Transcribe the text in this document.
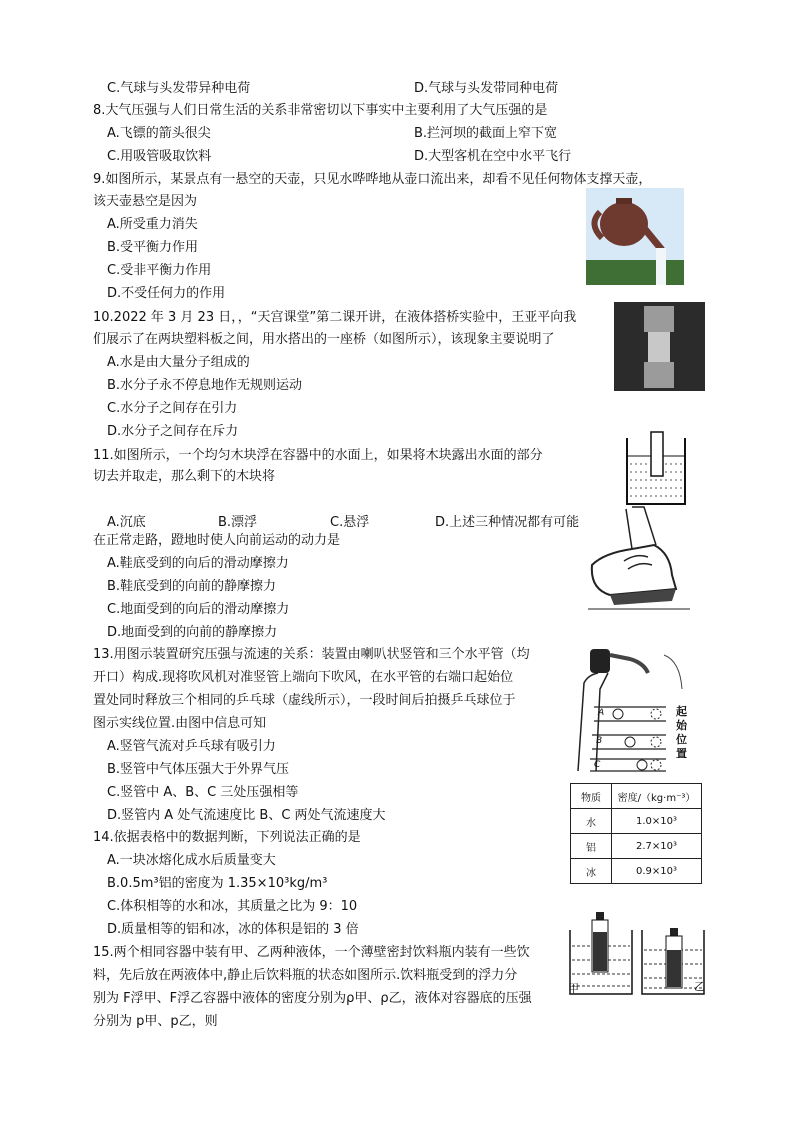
C.气球与头发带异种电荷	D.气球与头发带同种电荷
8.大气压强与人们日常生活的关系非常密切以下事实中主要利用了大气压强的是
A.飞镖的箭头很尖	B.拦河坝的截面上窄下宽
C.用吸管吸取饮料	D.大型客机在空中水平飞行
9.如图所示，某景点有一悬空的天壶，只见水哗哗地从壶口流出来，却看不见任何物体支撑天壶，
该天壶悬空是因为
A.所受重力消失
B.受平衡力作用
C.受非平衡力作用
D.不受任何力的作用
10.2022 年 3 月 23 日，，“天宫课堂”第二课开讲，在液体搭桥实验中，王亚平向我
们展示了在两块塑料板之间，用水搭出的一座桥（如图所示），该现象主要说明了
A.水是由大量分子组成的
B.水分子永不停息地作无规则运动
C.水分子之间存在引力
D.水分子之间存在斥力
11.如图所示，一个均匀木块浮在容器中的水面上，如果将木块露出水面的部分
切去并取走，那么剩下的木块将
A.沉底	B.漂浮	C.悬浮	D.上述三种情况都有可能
在正常走路，蹬地时使人向前运动的动力是
A.鞋底受到的向后的滑动摩擦力
B.鞋底受到的向前的静摩擦力
C.地面受到的向后的滑动摩擦力
D.地面受到的向前的静摩擦力
13.用图示装置研究压强与流速的关系：装置由喇叭状竖管和三个水平管（均
开口）构成.现将吹风机对准竖管上端向下吹风，在水平管的右端口起始位
置处同时释放三个相同的乒乓球（虚线所示），一段时间后拍摄乒乓球位于
图示实线位置.由图中信息可知
A.竖管气流对乒乓球有吸引力
B.竖管中气体压强大于外界气压
C.竖管中 A、B、C 三处压强相等
D.竖管内 A 处气流速度比 B、C 两处气流速度大
A
B
C
起始位置
14.依据表格中的数据判断，下列说法正确的是
A.一块冰熔化成水后质量变大
B.0.5m³铝的密度为 1.35×10³kg/m³
C.体积相等的水和冰，其质量之比为 9：10
D.质量相等的铝和冰，冰的体积是铝的 3 倍
物质	密度/（kg·m⁻³）
水	1.0×10³
铝	2.7×10³
冰	0.9×10³
15.两个相同容器中装有甲、乙两种液体，一个薄壁密封饮料瓶内装有一些饮
料，先后放在两液体中,静止后饮料瓶的状态如图所示.饮料瓶受到的浮力分
别为 F浮甲、F浮乙容器中液体的密度分别为ρ甲、ρ乙，液体对容器底的压强
分别为 p甲、p乙，则
甲	乙
